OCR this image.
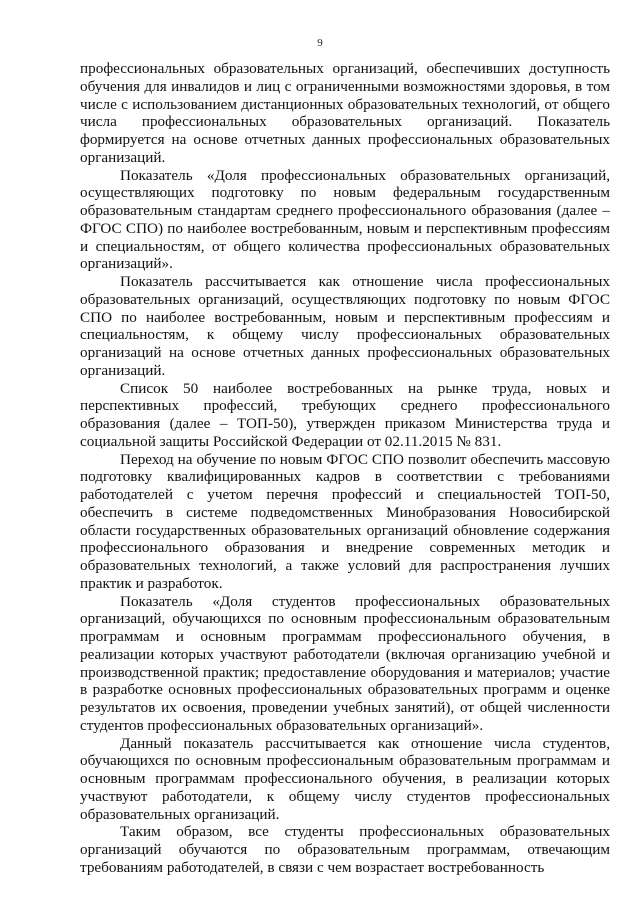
9

профессиональных образовательных организаций, обеспечивших доступность обучения для инвалидов и лиц с ограниченными возможностями здоровья, в том числе с использованием дистанционных образовательных технологий, от общего числа профессиональных образовательных организаций. Показатель формируется на основе отчетных данных профессиональных образовательных организаций.

Показатель «Доля профессиональных образовательных организаций, осуществляющих подготовку по новым федеральным государственным образовательным стандартам среднего профессионального образования (далее – ФГОС СПО) по наиболее востребованным, новым и перспективным профессиям и специальностям, от общего количества профессиональных образовательных организаций».

Показатель рассчитывается как отношение числа профессиональных образовательных организаций, осуществляющих подготовку по новым ФГОС СПО по наиболее востребованным, новым и перспективным профессиям и специальностям, к общему числу профессиональных образовательных организаций на основе отчетных данных профессиональных образовательных организаций.

Список 50 наиболее востребованных на рынке труда, новых и перспективных профессий, требующих среднего профессионального образования (далее – ТОП-50), утвержден приказом Министерства труда и социальной защиты Российской Федерации от 02.11.2015 № 831.

Переход на обучение по новым ФГОС СПО позволит обеспечить массовую подготовку квалифицированных кадров в соответствии с требованиями работодателей с учетом перечня профессий и специальностей ТОП-50, обеспечить в системе подведомственных Минобразования Новосибирской области государственных образовательных организаций обновление содержания профессионального образования и внедрение современных методик и образовательных технологий, а также условий для распространения лучших практик и разработок.

Показатель «Доля студентов профессиональных образовательных организаций, обучающихся по основным профессиональным образовательным программам и основным программам профессионального обучения, в реализации которых участвуют работодатели (включая организацию учебной и производственной практик; предоставление оборудования и материалов; участие в разработке основных профессиональных образовательных программ и оценке результатов их освоения, проведении учебных занятий), от общей численности студентов профессиональных образовательных организаций».

Данный показатель рассчитывается как отношение числа студентов, обучающихся по основным профессиональным образовательным программам и основным программам профессионального обучения, в реализации которых участвуют работодатели, к общему числу студентов профессиональных образовательных организаций.

Таким образом, все студенты профессиональных образовательных организаций обучаются по образовательным программам, отвечающим требованиям работодателей, в связи с чем возрастает востребованность
